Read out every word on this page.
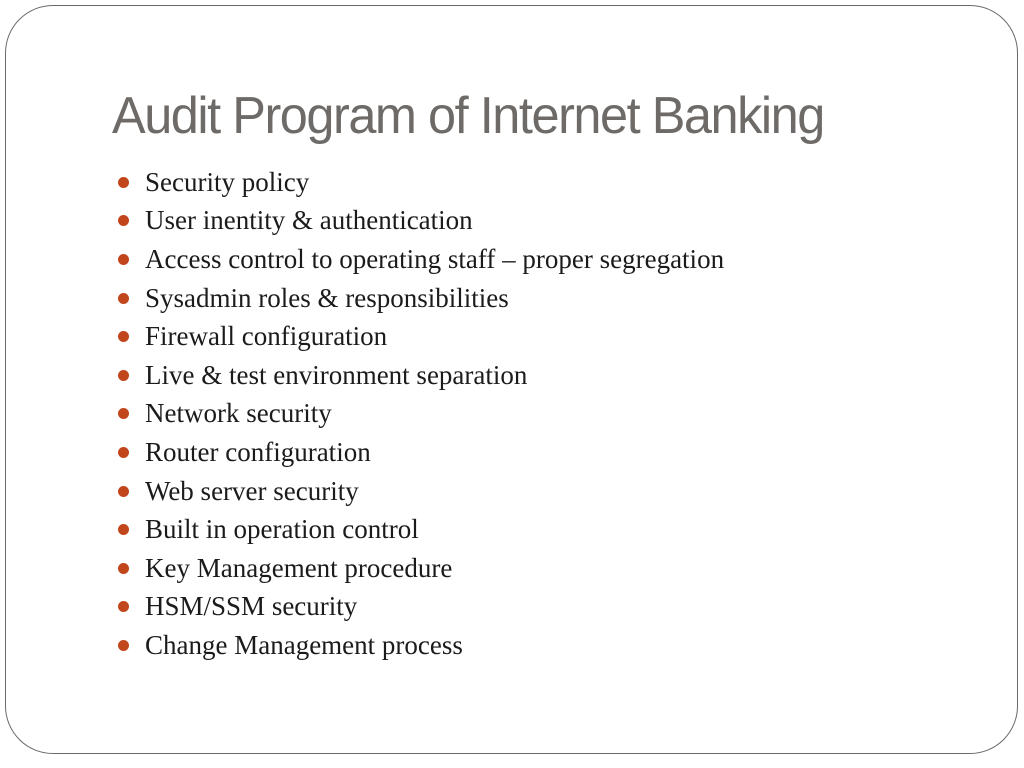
Audit Program of Internet Banking
Security policy
User inentity & authentication
Access control to operating staff – proper segregation
Sysadmin roles & responsibilities
Firewall configuration
Live & test environment separation
Network security
Router configuration
Web server security
Built in operation control
Key Management procedure
HSM/SSM security
Change Management process
